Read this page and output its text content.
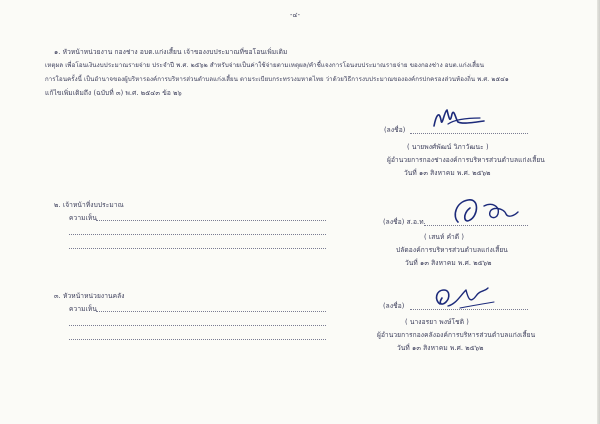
-๔-
๑. หัวหน้าหน่วยงาน กองช่าง อบต.แก่งเสี้ยน เจ้าของงบประมาณที่ขอโอนเพิ่มเติม
เหตุผล เพื่อโอนเงินงบประมาณรายจ่าย ประจำปี พ.ศ. ๒๕๖๒ สำหรับจ่ายเป็นค่าใช้จ่ายตามเหตุผล/คำชี้แจงการโอนงบประมาณรายจ่าย ของกองช่าง อบต.แก่งเสี้ยน
การโอนครั้งนี้ เป็นอำนาจของผู้บริหารองค์การบริหารส่วนตำบลแก่งเสี้ยน ตามระเบียบกระทรวงมหาดไทย ว่าด้วยวิธีการงบประมาณขององค์กรปกครองส่วนท้องถิ่น พ.ศ. ๒๕๔๑
แก้ไขเพิ่มเติมถึง (ฉบับที่ ๓) พ.ศ. ๒๕๔๓ ข้อ ๒๖
(ลงชื่อ)
( นายพงศ์พัฒน์ วิภาวัฒนะ )
ผู้อำนวยการกองช่างองค์การบริหารส่วนตำบลแก่งเสี้ยน
วันที่ ๑๓ สิงหาคม พ.ศ. ๒๕๖๒
๒. เจ้าหน้าที่งบประมาณ
ความเห็น	(ลงชื่อ) ส.อ.ท.
( เสนห์ คำดี )
ปลัดองค์การบริหารส่วนตำบลแก่งเสี้ยน
วันที่ ๑๓ สิงหาคม พ.ศ. ๒๕๖๒
๓. หัวหน้าหน่วยงานคลัง
ความเห็น	(ลงชื่อ)
( นางอรยา พงษ์โชติ )
ผู้อำนวยการกองคลังองค์การบริหารส่วนตำบลแก่งเสี้ยน
วันที่ ๑๓ สิงหาคม พ.ศ. ๒๕๖๒
